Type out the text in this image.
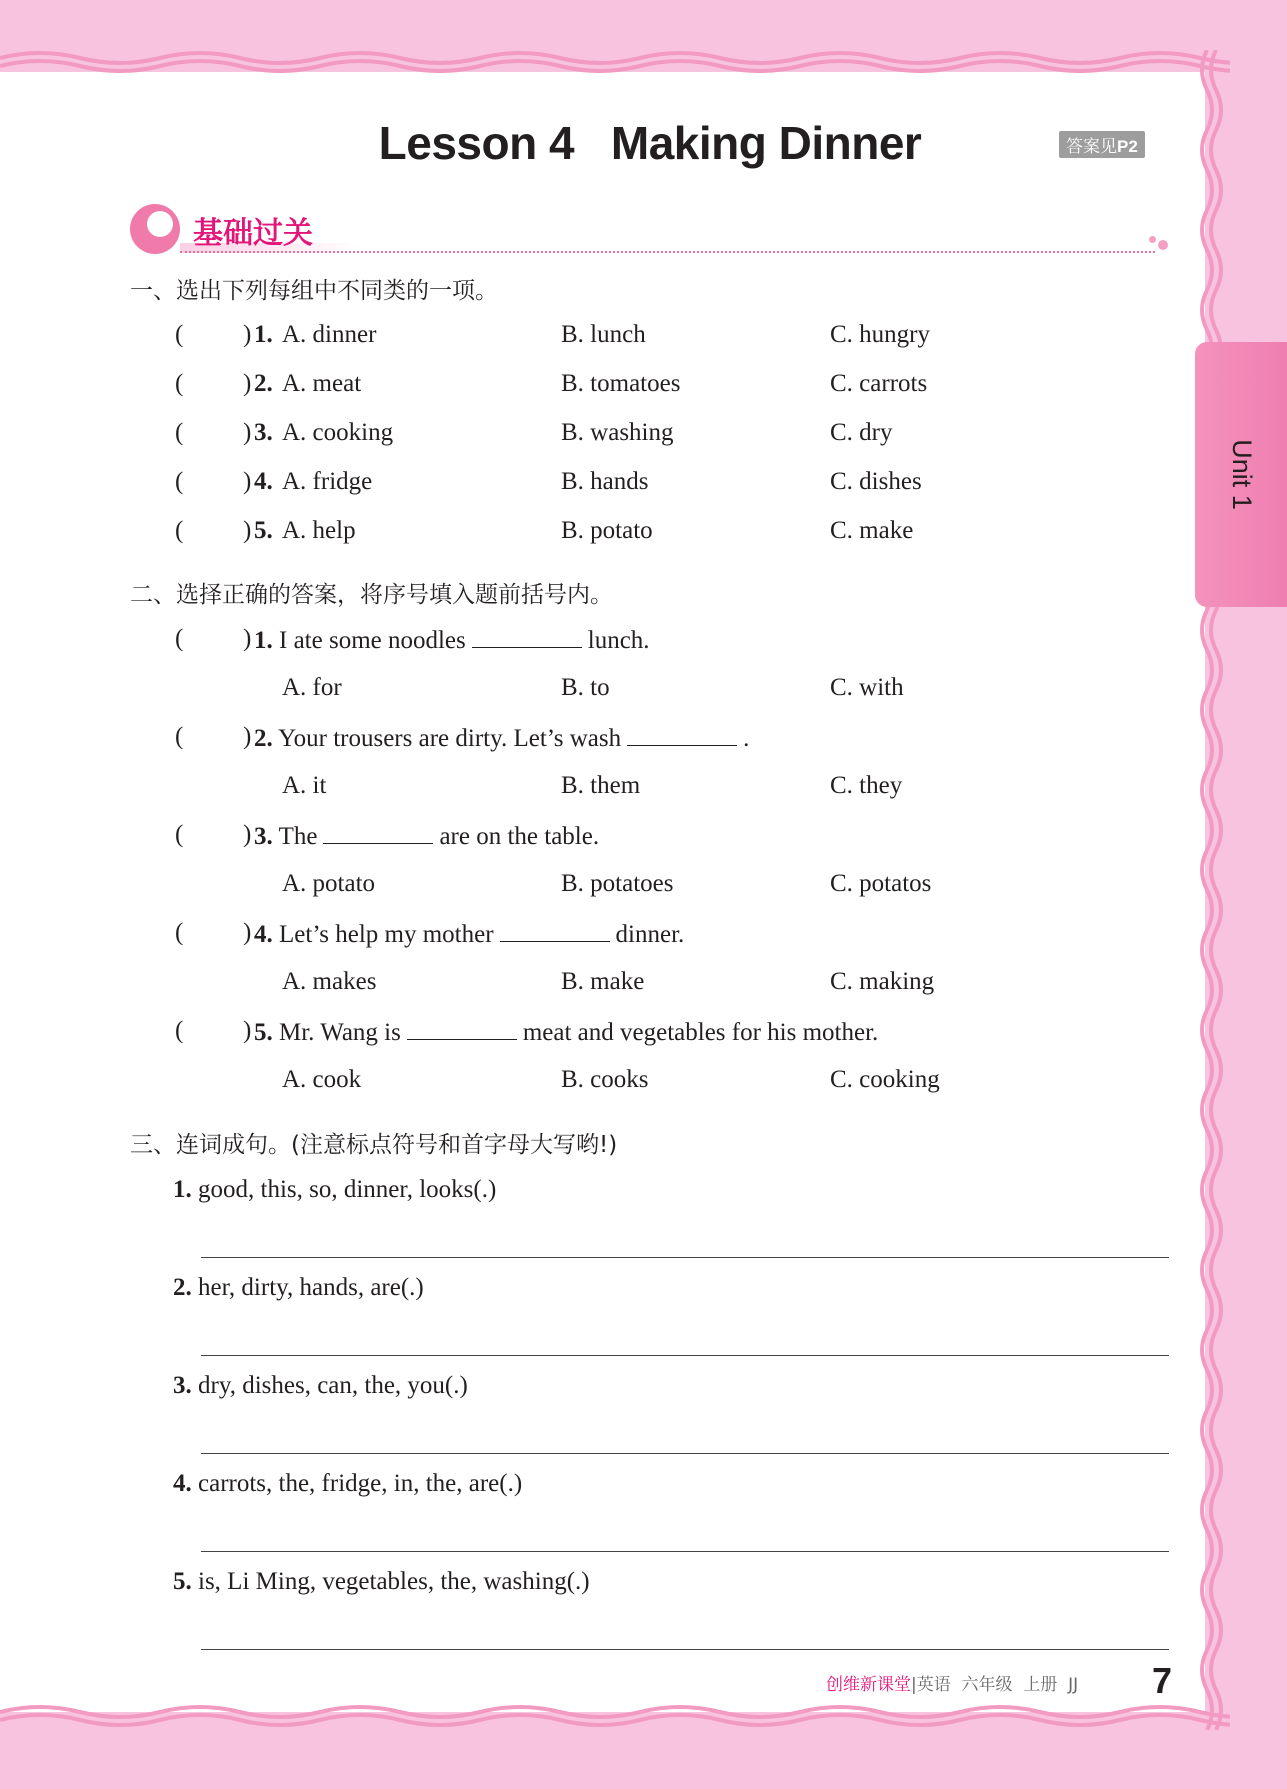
Lesson 4   Making Dinner	答案见P2
基础过关
Unit 1
一、选出下列每组中不同类的一项。
( ) 1. A. dinner	B. lunch	C. hungry
( ) 2. A. meat	B. tomatoes	C. carrots
( ) 3. A. cooking	B. washing	C. dry
( ) 4. A. fridge	B. hands	C. dishes
( ) 5. A. help	B. potato	C. make
二、选择正确的答案，将序号填入题前括号内。
( ) 1. I ate some noodles	lunch.
A. for	B. to	C. with
( ) 2. Your trousers are dirty. Let’s wash	.
A. it	B. them	C. they
( ) 3. The	are on the table.
A. potato	B. potatoes	C. potatos
( ) 4. Let’s help my mother	dinner.
A. makes	B. make	C. making
( ) 5. Mr. Wang is	meat and vegetables for his mother.
A. cook	B. cooks	C. cooking
三、连词成句。(注意标点符号和首字母大写哟!)
1. good, this, so, dinner, looks(.)
2. her, dirty, hands, are(.)
3. dry, dishes, can, the, you(.)
4. carrots, the, fridge, in, the, are(.)
5. is, Li Ming, vegetables, the, washing(.)
创维新课堂|英语 六年级 上册 JJ 7
